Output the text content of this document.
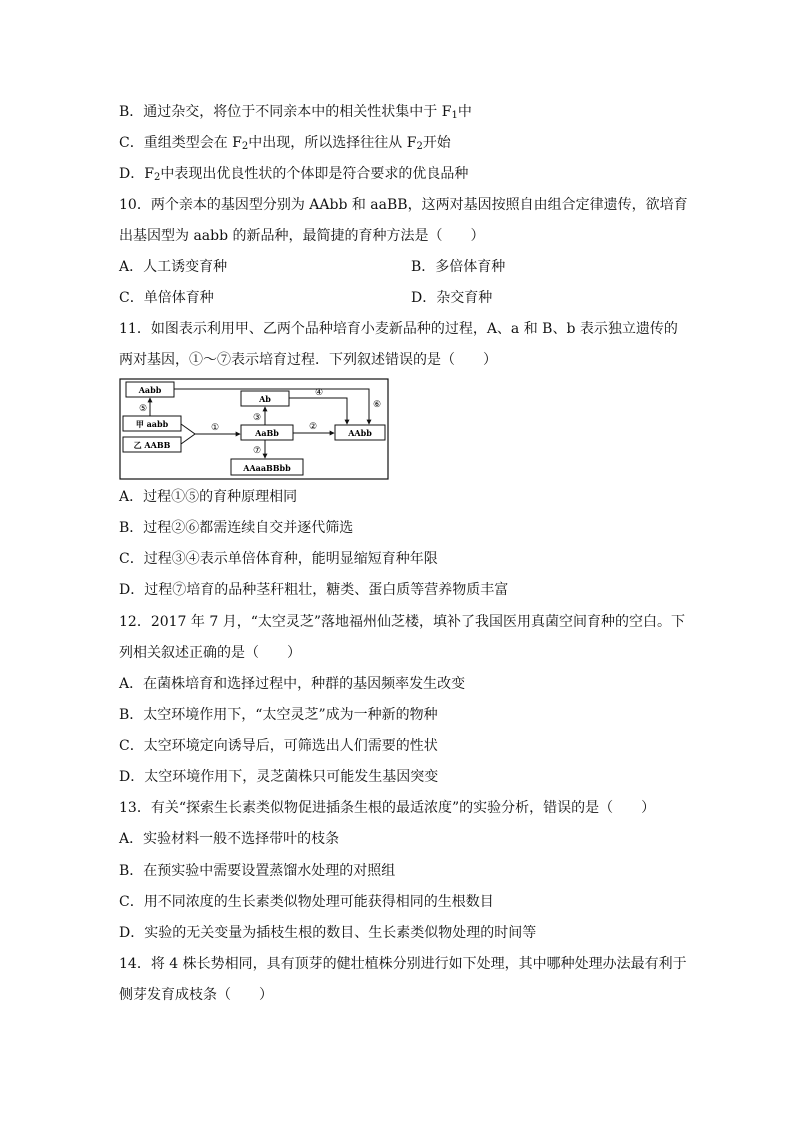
B．通过杂交，将位于不同亲本中的相关性状集中于 $F_1$中
C．重组类型会在 $F_2$中出现，所以选择往往从 $F_2$开始
D．$F_2$中表现出优良性状的个体即是符合要求的优良品种
10．两个亲本的基因型分别为 AAbb 和 aaBB，这两对基因按照自由组合定律遗传，欲培育
出基因型为 aabb 的新品种，最简捷的育种方法是（　　）
A．人工诱变育种	B．多倍体育种
C．单倍体育种	D．杂交育种
11．如图表示利用甲、乙两个品种培育小麦新品种的过程，A、a 和 B、b 表示独立遗传的
两对基因，①～⑦表示培育过程．下列叙述错误的是（　　）
Aabb
甲 aabb
乙 AABB
Ab
AaBb	AAbb
AAaaBBbb
⑤	⑥
①
③
④
②
⑦
A．过程①⑤的育种原理相同
B．过程②⑥都需连续自交并逐代筛选
C．过程③④表示单倍体育种，能明显缩短育种年限
D．过程⑦培育的品种茎秆粗壮，糖类、蛋白质等营养物质丰富
12．2017 年 7 月，“太空灵芝”落地福州仙芝楼，填补了我国医用真菌空间育种的空白。下
列相关叙述正确的是（　　）
A．在菌株培育和选择过程中，种群的基因频率发生改变
B．太空环境作用下，“太空灵芝”成为一种新的物种
C．太空环境定向诱导后，可筛选出人们需要的性状
D．太空环境作用下，灵芝菌株只可能发生基因突变
13．有关“探索生长素类似物促进插条生根的最适浓度”的实验分析，错误的是（　　）
A．实验材料一般不选择带叶的枝条
B．在预实验中需要设置蒸馏水处理的对照组
C．用不同浓度的生长素类似物处理可能获得相同的生根数目
D．实验的无关变量为插枝生根的数目、生长素类似物处理的时间等
14．将 4 株长势相同，具有顶芽的健壮植株分别进行如下处理，其中哪种处理办法最有利于
侧芽发育成枝条（　　）
